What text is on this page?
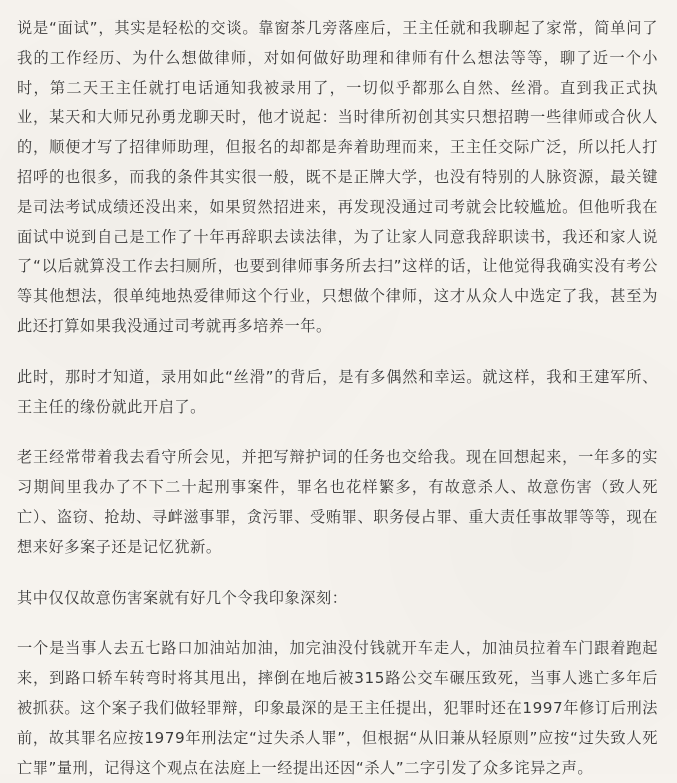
说是“面试”，其实是轻松的交谈。靠窗茶几旁落座后，王主任就和我聊起了家常，简单问了我的工作经历、为什么想做律师，对如何做好助理和律师有什么想法等等，聊了近一个小时，第二天王主任就打电话通知我被录用了，一切似乎都那么自然、丝滑。直到我正式执业，某天和大师兄孙勇龙聊天时，他才说起：当时律所初创其实只想招聘一些律师或合伙人的，顺便才写了招律师助理，但报名的却都是奔着助理而来，王主任交际广泛，所以托人打招呼的也很多，而我的条件其实很一般，既不是正牌大学，也没有特别的人脉资源，最关键是司法考试成绩还没出来，如果贸然招进来，再发现没通过司考就会比较尴尬。但他听我在面试中说到自己是工作了十年再辞职去读法律，为了让家人同意我辞职读书，我还和家人说了“以后就算没工作去扫厕所，也要到律师事务所去扫”这样的话，让他觉得我确实没有考公等其他想法，很单纯地热爱律师这个行业，只想做个律师，这才从众人中选定了我，甚至为此还打算如果我没通过司考就再多培养一年。

此时，那时才知道，录用如此“丝滑”的背后，是有多偶然和幸运。就这样，我和王建军所、王主任的缘份就此开启了。

老王经常带着我去看守所会见，并把写辩护词的任务也交给我。现在回想起来，一年多的实习期间里我办了不下二十起刑事案件，罪名也花样繁多，有故意杀人、故意伤害（致人死亡）、盗窃、抢劫、寻衅滋事罪，贪污罪、受贿罪、职务侵占罪、重大责任事故罪等等，现在想来好多案子还是记忆犹新。

其中仅仅故意伤害案就有好几个令我印象深刻：

一个是当事人去五七路口加油站加油，加完油没付钱就开车走人，加油员拉着车门跟着跑起来，到路口轿车转弯时将其甩出，摔倒在地后被315路公交车碾压致死，当事人逃亡多年后被抓获。这个案子我们做轻罪辩，印象最深的是王主任提出，犯罪时还在1997年修订后刑法前，故其罪名应按1979年刑法定“过失杀人罪”，但根据“从旧兼从轻原则”应按“过失致人死亡罪”量刑，记得这个观点在法庭上一经提出还因“杀人”二字引发了众多诧异之声。
